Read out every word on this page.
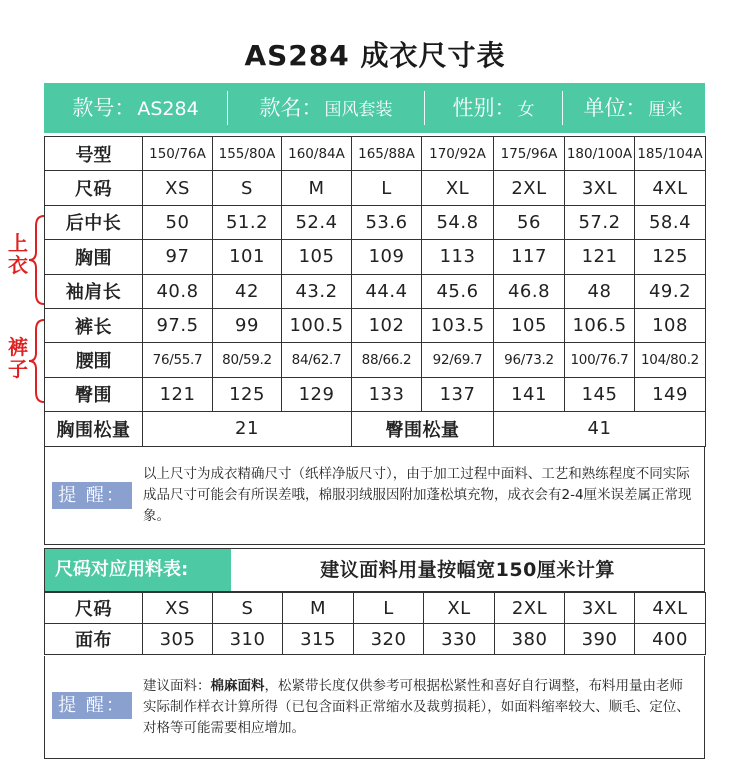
AS284 成衣尺寸表
款号： AS284	款名： 国风套装	性别： 女 单位： 厘米
上衣
裤子
号型	150/76A	155/80A	160/84A	165/88A	170/92A	175/96A	180/100A	185/104A
尺码	XS	S	M	L	XL	2XL	3XL	4XL
后中长	50	51.2	52.4	53.6	54.8	56	57.2	58.4
胸围	97	101	105	109	113	117	121	125
袖肩长	40.8	42	43.2	44.4	45.6	46.8	48	49.2
裤长	97.5	99	100.5	102	103.5	105	106.5	108
腰围	76/55.7	80/59.2	84/62.7	88/66.2	92/69.7	96/73.2	100/76.7	104/80.2
臀围	121	125	129	133	137	141	145	149
胸围松量	21			臀围松量		41		
提 醒：
以上尺寸为成衣精确尺寸（纸样净版尺寸），由于加工过程中面料、工艺和熟练程度不同实际成品尺寸可能会有所误差哦，棉服羽绒服因附加蓬松填充物，成衣会有2-4厘米误差属正常现象。
尺码对应用料表:	建议面料用量按幅宽150厘米计算
尺码	XS	S	M	L	XL	2XL	3XL	4XL
面布	305	310	315	320	330	380	390	400
提 醒：
建议面料：棉麻面料，松紧带长度仅供参考可根据松紧性和喜好自行调整，布料用量由老师实际制作样衣计算所得（已包含面料正常缩水及裁剪损耗），如面料缩率较大、顺毛、定位、对格等可能需要相应增加。
